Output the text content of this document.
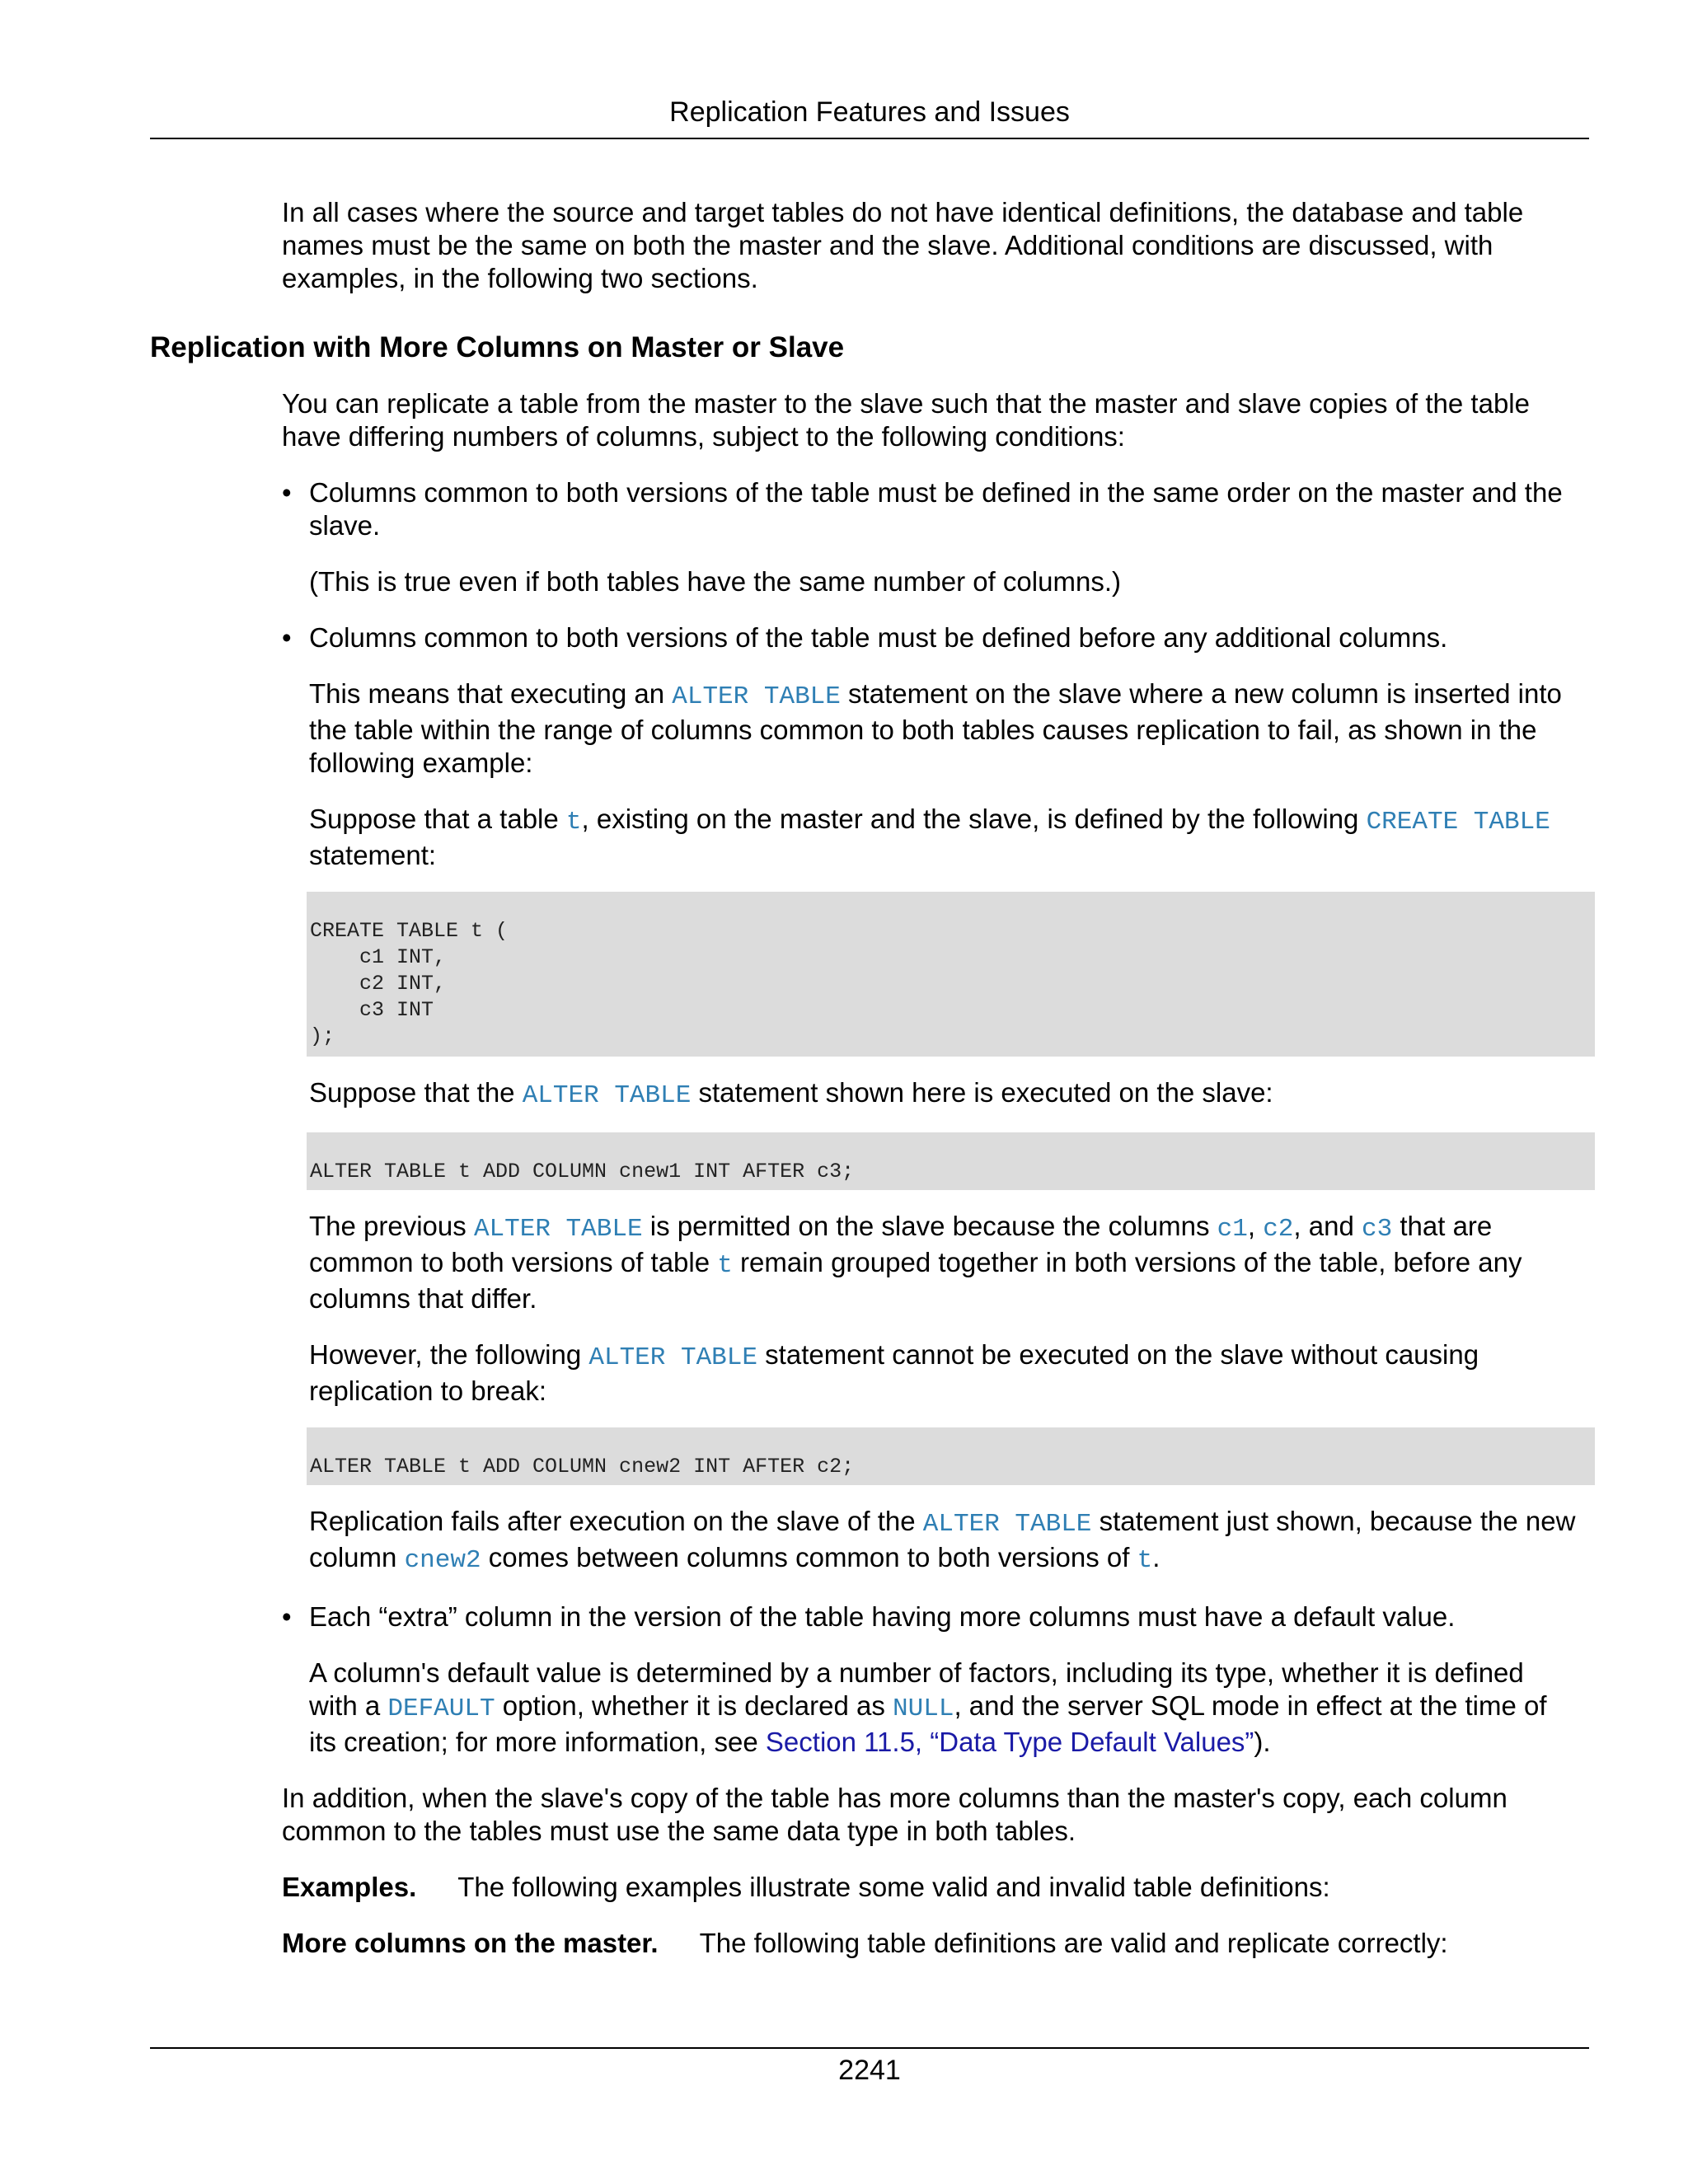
Replication Features and Issues

In all cases where the source and target tables do not have identical definitions, the database and table names must be the same on both the master and the slave. Additional conditions are discussed, with examples, in the following two sections.

Replication with More Columns on Master or Slave

You can replicate a table from the master to the slave such that the master and slave copies of the table have differing numbers of columns, subject to the following conditions:

• Columns common to both versions of the table must be defined in the same order on the master and the slave.

(This is true even if both tables have the same number of columns.)

• Columns common to both versions of the table must be defined before any additional columns.

This means that executing an ALTER TABLE statement on the slave where a new column is inserted into the table within the range of columns common to both tables causes replication to fail, as shown in the following example:

Suppose that a table t, existing on the master and the slave, is defined by the following CREATE TABLE statement:

CREATE TABLE t (
c1 INT,
c2 INT,
c3 INT
);

Suppose that the ALTER TABLE statement shown here is executed on the slave:

ALTER TABLE t ADD COLUMN cnew1 INT AFTER c3;

The previous ALTER TABLE is permitted on the slave because the columns c1, c2, and c3 that are common to both versions of table t remain grouped together in both versions of the table, before any columns that differ.

However, the following ALTER TABLE statement cannot be executed on the slave without causing replication to break:

ALTER TABLE t ADD COLUMN cnew2 INT AFTER c2;

Replication fails after execution on the slave of the ALTER TABLE statement just shown, because the new column cnew2 comes between columns common to both versions of t.

• Each “extra” column in the version of the table having more columns must have a default value.

A column's default value is determined by a number of factors, including its type, whether it is defined with a DEFAULT option, whether it is declared as NULL, and the server SQL mode in effect at the time of its creation; for more information, see Section 11.5, “Data Type Default Values”).

In addition, when the slave's copy of the table has more columns than the master's copy, each column common to the tables must use the same data type in both tables.

Examples. The following examples illustrate some valid and invalid table definitions:

More columns on the master. The following table definitions are valid and replicate correctly:

2241
